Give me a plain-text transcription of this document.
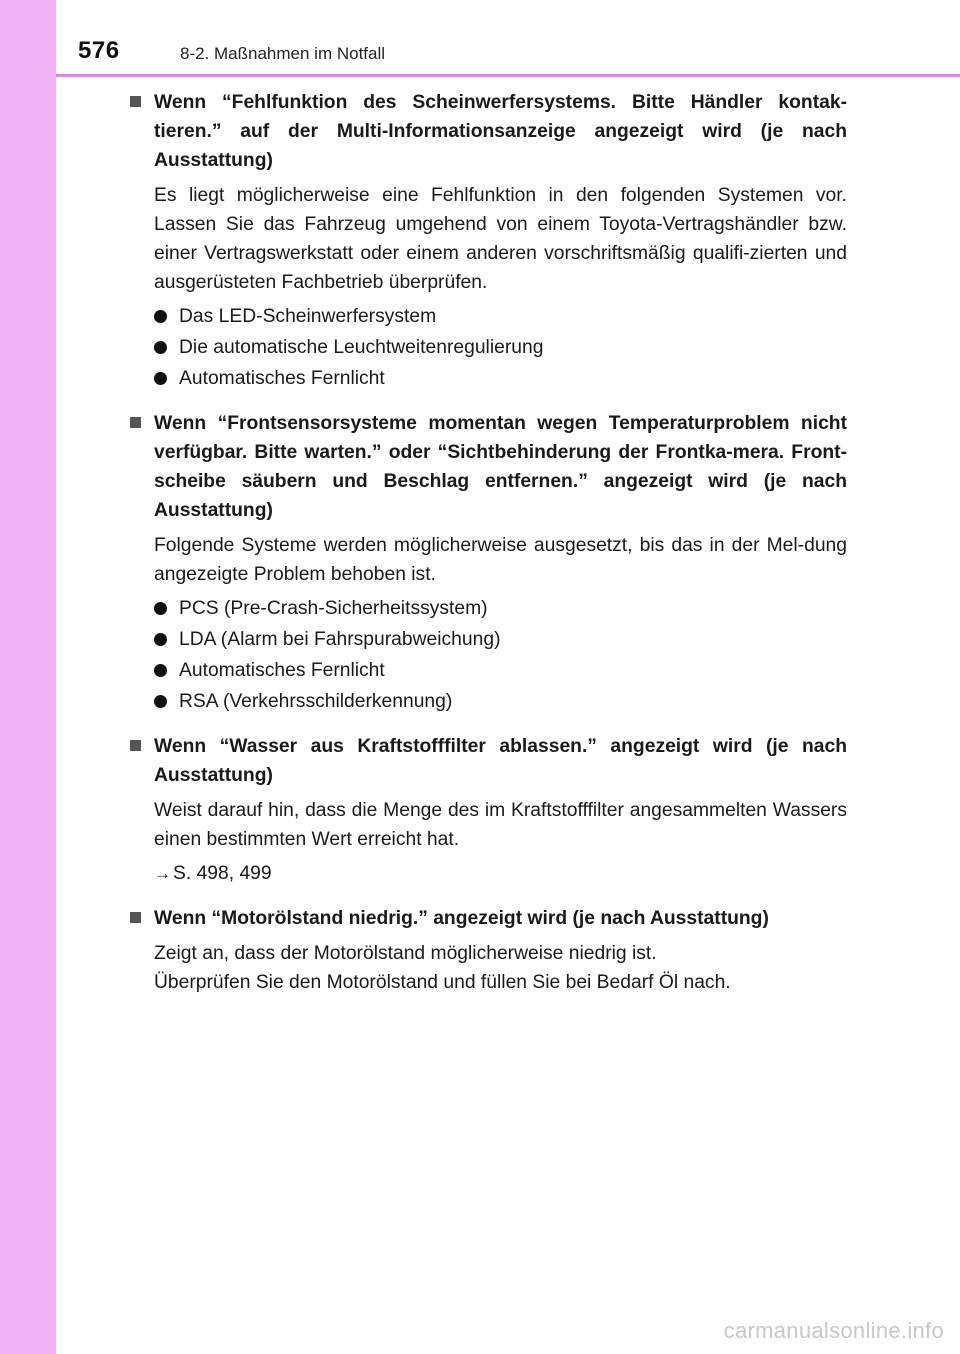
576	8-2. Maßnahmen im Notfall
Wenn “Fehlfunktion des Scheinwerfersystems. Bitte Händler kontak-tieren.” auf der Multi-Informationsanzeige angezeigt wird (je nach Ausstattung)
Es liegt möglicherweise eine Fehlfunktion in den folgenden Systemen vor. Lassen Sie das Fahrzeug umgehend von einem Toyota-Vertragshändler bzw. einer Vertragswerkstatt oder einem anderen vorschriftsmäßig qualifi-zierten und ausgerüsteten Fachbetrieb überprüfen.
Das LED-Scheinwerfersystem
Die automatische Leuchtweitenregulierung
Automatisches Fernlicht
Wenn “Frontsensorsysteme momentan wegen Temperaturproblem nicht verfügbar. Bitte warten.” oder “Sichtbehinderung der Frontka-mera. Front-scheibe säubern und Beschlag entfernen.” angezeigt wird (je nach Ausstattung)
Folgende Systeme werden möglicherweise ausgesetzt, bis das in der Mel-dung angezeigte Problem behoben ist.
PCS (Pre-Crash-Sicherheitssystem)
LDA (Alarm bei Fahrspurabweichung)
Automatisches Fernlicht
RSA (Verkehrsschilderkennung)
Wenn “Wasser aus Kraftstofffilter ablassen.” angezeigt wird (je nach Ausstattung)
Weist darauf hin, dass die Menge des im Kraftstofffilter angesammelten Wassers einen bestimmten Wert erreicht hat.
→ S. 498, 499
Wenn “Motorölstand niedrig.” angezeigt wird (je nach Ausstattung)
Zeigt an, dass der Motorölstand möglicherweise niedrig ist.
Überprüfen Sie den Motorölstand und füllen Sie bei Bedarf Öl nach.
carmanualsonline.info
